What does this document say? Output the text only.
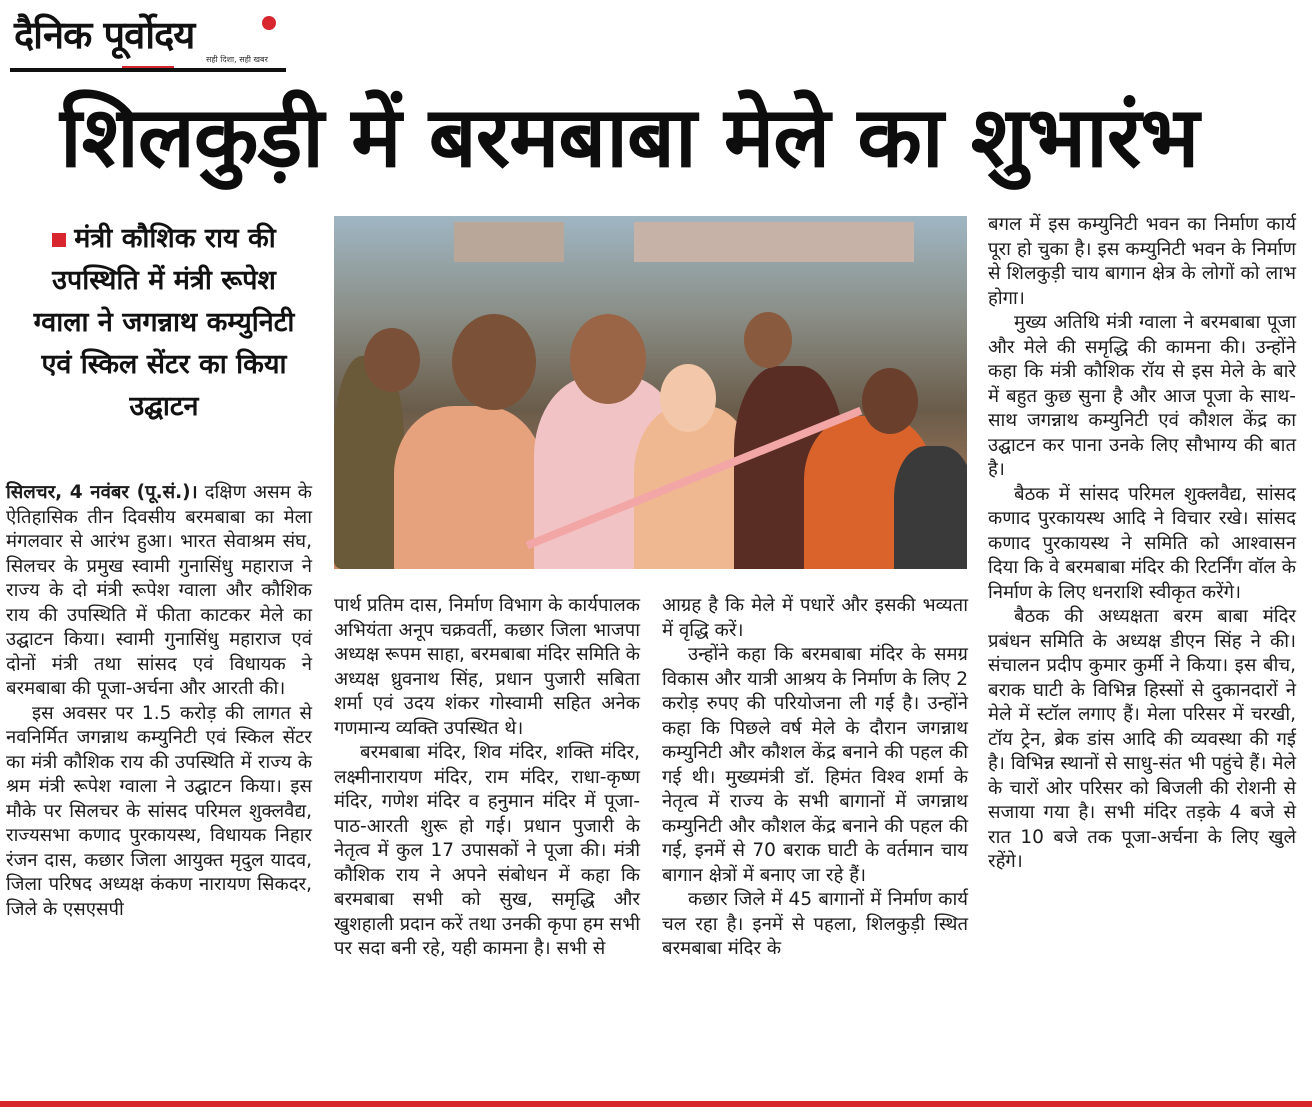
दैनिक पूर्वोदय
सही दिशा, सही खबर
शिलकुड़ी में बरमबाबा मेले का शुभारंभ
मंत्री कौशिक राय की उपस्थिति में मंत्री रूपेश ग्वाला ने जगन्नाथ कम्युनिटी एवं स्किल सेंटर का किया उद्घाटन

सिलचर, 4 नवंबर (पू.सं.)। दक्षिण असम के ऐतिहासिक तीन दिवसीय बरमबाबा का मेला मंगलवार से आरंभ हुआ। भारत सेवाश्रम संघ, सिलचर के प्रमुख स्वामी गुनासिंधु महाराज ने राज्य के दो मंत्री रूपेश ग्वाला और कौशिक राय की उपस्थिति में फीता काटकर मेले का उद्घाटन किया। स्वामी गुनासिंधु महाराज एवं दोनों मंत्री तथा सांसद एवं विधायक ने बरमबाबा की पूजा-अर्चना और आरती की।

इस अवसर पर 1.5 करोड़ की लागत से नवनिर्मित जगन्नाथ कम्युनिटी एवं स्किल सेंटर का मंत्री कौशिक राय की उपस्थिति में राज्य के श्रम मंत्री रूपेश ग्वाला ने उद्घाटन किया। इस मौके पर सिलचर के सांसद परिमल शुक्लवैद्य, राज्यसभा कणाद पुरकायस्थ, विधायक निहार रंजन दास, कछार जिला आयुक्त मृदुल यादव, जिला परिषद अध्यक्ष कंकण नारायण सिकदर, जिले के एसएसपी

पार्थ प्रतिम दास, निर्माण विभाग के कार्यपालक अभियंता अनूप चक्रवर्ती, कछार जिला भाजपा अध्यक्ष रूपम साहा, बरमबाबा मंदिर समिति के अध्यक्ष ध्रुवनाथ सिंह, प्रधान पुजारी सबिता शर्मा एवं उदय शंकर गोस्वामी सहित अनेक गणमान्य व्यक्ति उपस्थित थे।

बरमबाबा मंदिर, शिव मंदिर, शक्ति मंदिर, लक्ष्मीनारायण मंदिर, राम मंदिर, राधा-कृष्ण मंदिर, गणेश मंदिर व हनुमान मंदिर में पूजा-पाठ-आरती शुरू हो गई। प्रधान पुजारी के नेतृत्व में कुल 17 उपासकों ने पूजा की। मंत्री कौशिक राय ने अपने संबोधन में कहा कि बरमबाबा सभी को सुख, समृद्धि और खुशहाली प्रदान करें तथा उनकी कृपा हम सभी पर सदा बनी रहे, यही कामना है। सभी से

आग्रह है कि मेले में पधारें और इसकी भव्यता में वृद्धि करें।

उन्होंने कहा कि बरमबाबा मंदिर के समग्र विकास और यात्री आश्रय के निर्माण के लिए 2 करोड़ रुपए की परियोजना ली गई है। उन्होंने कहा कि पिछले वर्ष मेले के दौरान जगन्नाथ कम्युनिटी और कौशल केंद्र बनाने की पहल की गई थी। मुख्यमंत्री डॉ. हिमंत विश्व शर्मा के नेतृत्व में राज्य के सभी बागानों में जगन्नाथ कम्युनिटी और कौशल केंद्र बनाने की पहल की गई, इनमें से 70 बराक घाटी के वर्तमान चाय बागान क्षेत्रों में बनाए जा रहे हैं।

कछार जिले में 45 बागानों में निर्माण कार्य चल रहा है। इनमें से पहला, शिलकुड़ी स्थित बरमबाबा मंदिर के

बगल में इस कम्युनिटी भवन का निर्माण कार्य पूरा हो चुका है। इस कम्युनिटी भवन के निर्माण से शिलकुड़ी चाय बागान क्षेत्र के लोगों को लाभ होगा।

मुख्य अतिथि मंत्री ग्वाला ने बरमबाबा पूजा और मेले की समृद्धि की कामना की। उन्होंने कहा कि मंत्री कौशिक रॉय से इस मेले के बारे में बहुत कुछ सुना है और आज पूजा के साथ-साथ जगन्नाथ कम्युनिटी एवं कौशल केंद्र का उद्घाटन कर पाना उनके लिए सौभाग्य की बात है।

बैठक में सांसद परिमल शुक्लवैद्य, सांसद कणाद पुरकायस्थ आदि ने विचार रखे। सांसद कणाद पुरकायस्थ ने समिति को आश्वासन दिया कि वे बरमबाबा मंदिर की रिटर्निंग वॉल के निर्माण के लिए धनराशि स्वीकृत करेंगे।

बैठक की अध्यक्षता बरम बाबा मंदिर प्रबंधन समिति के अध्यक्ष डीएन सिंह ने की। संचालन प्रदीप कुमार कुर्मी ने किया। इस बीच, बराक घाटी के विभिन्न हिस्सों से दुकानदारों ने मेले में स्टॉल लगाए हैं। मेला परिसर में चरखी, टॉय ट्रेन, ब्रेक डांस आदि की व्यवस्था की गई है। विभिन्न स्थानों से साधु-संत भी पहुंचे हैं। मेले के चारों ओर परिसर को बिजली की रोशनी से सजाया गया है। सभी मंदिर तड़के 4 बजे से रात 10 बजे तक पूजा-अर्चना के लिए खुले रहेंगे।
